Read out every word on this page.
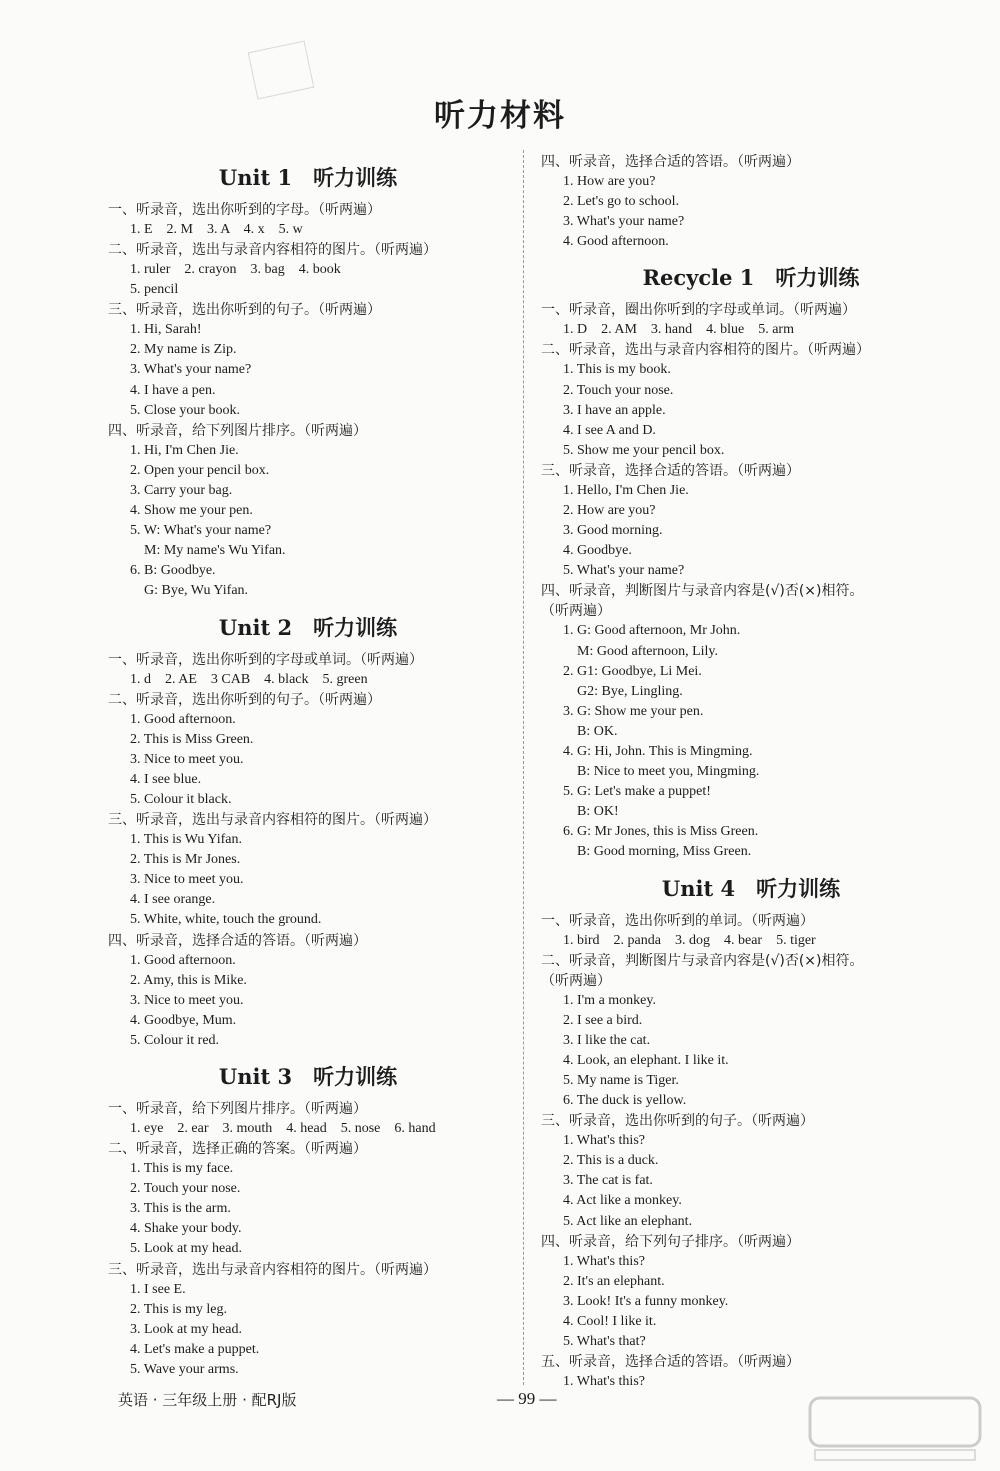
听力材料
Unit 1　听力训练
一、听录音，选出你听到的字母。（听两遍）
1. E　2. M　3. A　4. x　5. w
二、听录音，选出与录音内容相符的图片。（听两遍）
1. ruler　2. crayon　3. bag　4. book
5. pencil
三、听录音，选出你听到的句子。（听两遍）
1. Hi, Sarah!
2. My name is Zip.
3. What's your name?
4. I have a pen.
5. Close your book.
四、听录音，给下列图片排序。（听两遍）
1. Hi, I'm Chen Jie.
2. Open your pencil box.
3. Carry your bag.
4. Show me your pen.
5. W: What's your name?
　M: My name's Wu Yifan.
6. B: Goodbye.
　G: Bye, Wu Yifan.
Unit 2　听力训练
一、听录音，选出你听到的字母或单词。（听两遍）
1. d　2. AE　3 CAB　4. black　5. green
二、听录音，选出你听到的句子。（听两遍）
1. Good afternoon.
2. This is Miss Green.
3. Nice to meet you.
4. I see blue.
5. Colour it black.
三、听录音，选出与录音内容相符的图片。（听两遍）
1. This is Wu Yifan.
2. This is Mr Jones.
3. Nice to meet you.
4. I see orange.
5. White, white, touch the ground.
四、听录音，选择合适的答语。（听两遍）
1. Good afternoon.
2. Amy, this is Mike.
3. Nice to meet you.
4. Goodbye, Mum.
5. Colour it red.
Unit 3　听力训练
一、听录音，给下列图片排序。（听两遍）
1. eye　2. ear　3. mouth　4. head　5. nose　6. hand
二、听录音，选择正确的答案。（听两遍）
1. This is my face.
2. Touch your nose.
3. This is the arm.
4. Shake your body.
5. Look at my head.
三、听录音，选出与录音内容相符的图片。（听两遍）
1. I see E.
2. This is my leg.
3. Look at my head.
4. Let's make a puppet.
5. Wave your arms.
四、听录音，选择合适的答语。（听两遍）
1. How are you?
2. Let's go to school.
3. What's your name?
4. Good afternoon.
Recycle 1　听力训练
一、听录音，圈出你听到的字母或单词。（听两遍）
1. D　2. AM　3. hand　4. blue　5. arm
二、听录音，选出与录音内容相符的图片。（听两遍）
1. This is my book.
2. Touch your nose.
3. I have an apple.
4. I see A and D.
5. Show me your pencil box.
三、听录音，选择合适的答语。（听两遍）
1. Hello, I'm Chen Jie.
2. How are you?
3. Good morning.
4. Goodbye.
5. What's your name?
四、听录音，判断图片与录音内容是(√)否(×)相符。
（听两遍）
1. G: Good afternoon, Mr John.
　M: Good afternoon, Lily.
2. G1: Goodbye, Li Mei.
　G2: Bye, Lingling.
3. G: Show me your pen.
　B: OK.
4. G: Hi, John. This is Mingming.
　B: Nice to meet you, Mingming.
5. G: Let's make a puppet!
　B: OK!
6. G: Mr Jones, this is Miss Green.
　B: Good morning, Miss Green.
Unit 4　听力训练
一、听录音，选出你听到的单词。（听两遍）
1. bird　2. panda　3. dog　4. bear　5. tiger
二、听录音，判断图片与录音内容是(√)否(×)相符。
（听两遍）
1. I'm a monkey.
2. I see a bird.
3. I like the cat.
4. Look, an elephant. I like it.
5. My name is Tiger.
6. The duck is yellow.
三、听录音，选出你听到的句子。（听两遍）
1. What's this?
2. This is a duck.
3. The cat is fat.
4. Act like a monkey.
5. Act like an elephant.
四、听录音，给下列句子排序。（听两遍）
1. What's this?
2. It's an elephant.
3. Look! It's a funny monkey.
4. Cool! I like it.
5. What's that?
五、听录音，选择合适的答语。（听两遍）
1. What's this?
英语 · 三年级上册 · 配RJ版	— 99 —
